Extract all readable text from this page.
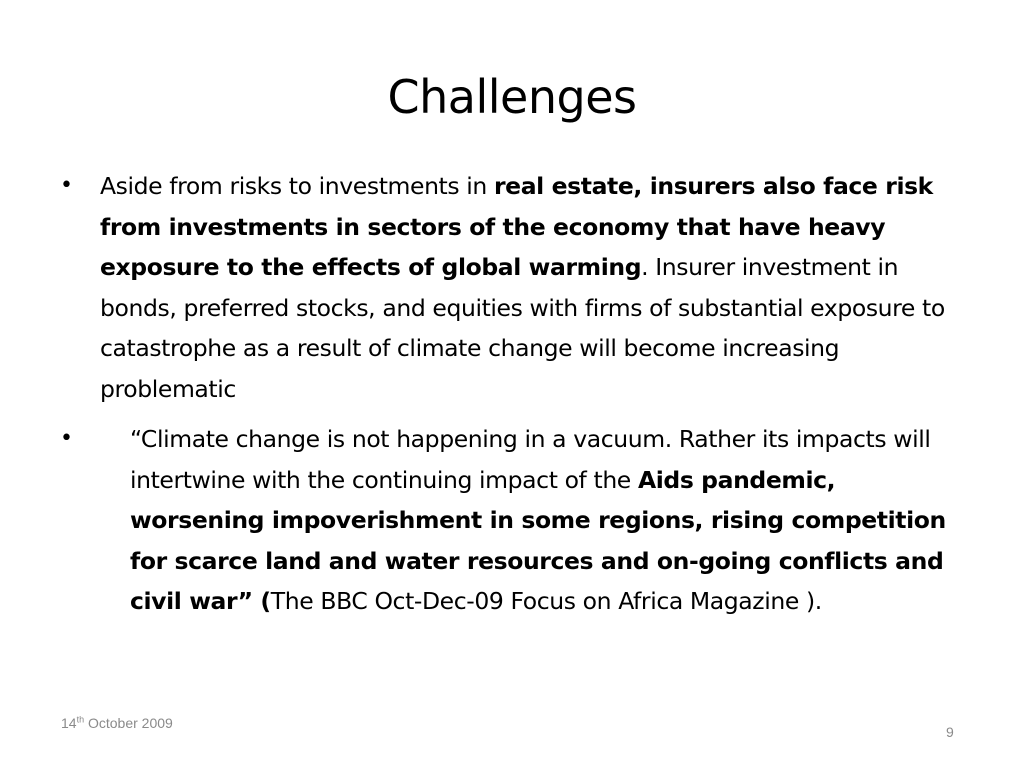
Challenges
• Aside from risks to investments in real estate, insurers also face risk from investments in sectors of the economy that have heavy exposure to the effects of global warming. Insurer investment in bonds, preferred stocks, and equities with firms of substantial exposure to catastrophe as a result of climate change will become increasing problematic
• “Climate change is not happening in a vacuum. Rather its impacts will intertwine with the continuing impact of the Aids pandemic, worsening impoverishment in some regions, rising competition for scarce land and water resources and on-going conflicts and civil war” (The BBC Oct-Dec-09 Focus on Africa Magazine ).
14th October 2009
9
